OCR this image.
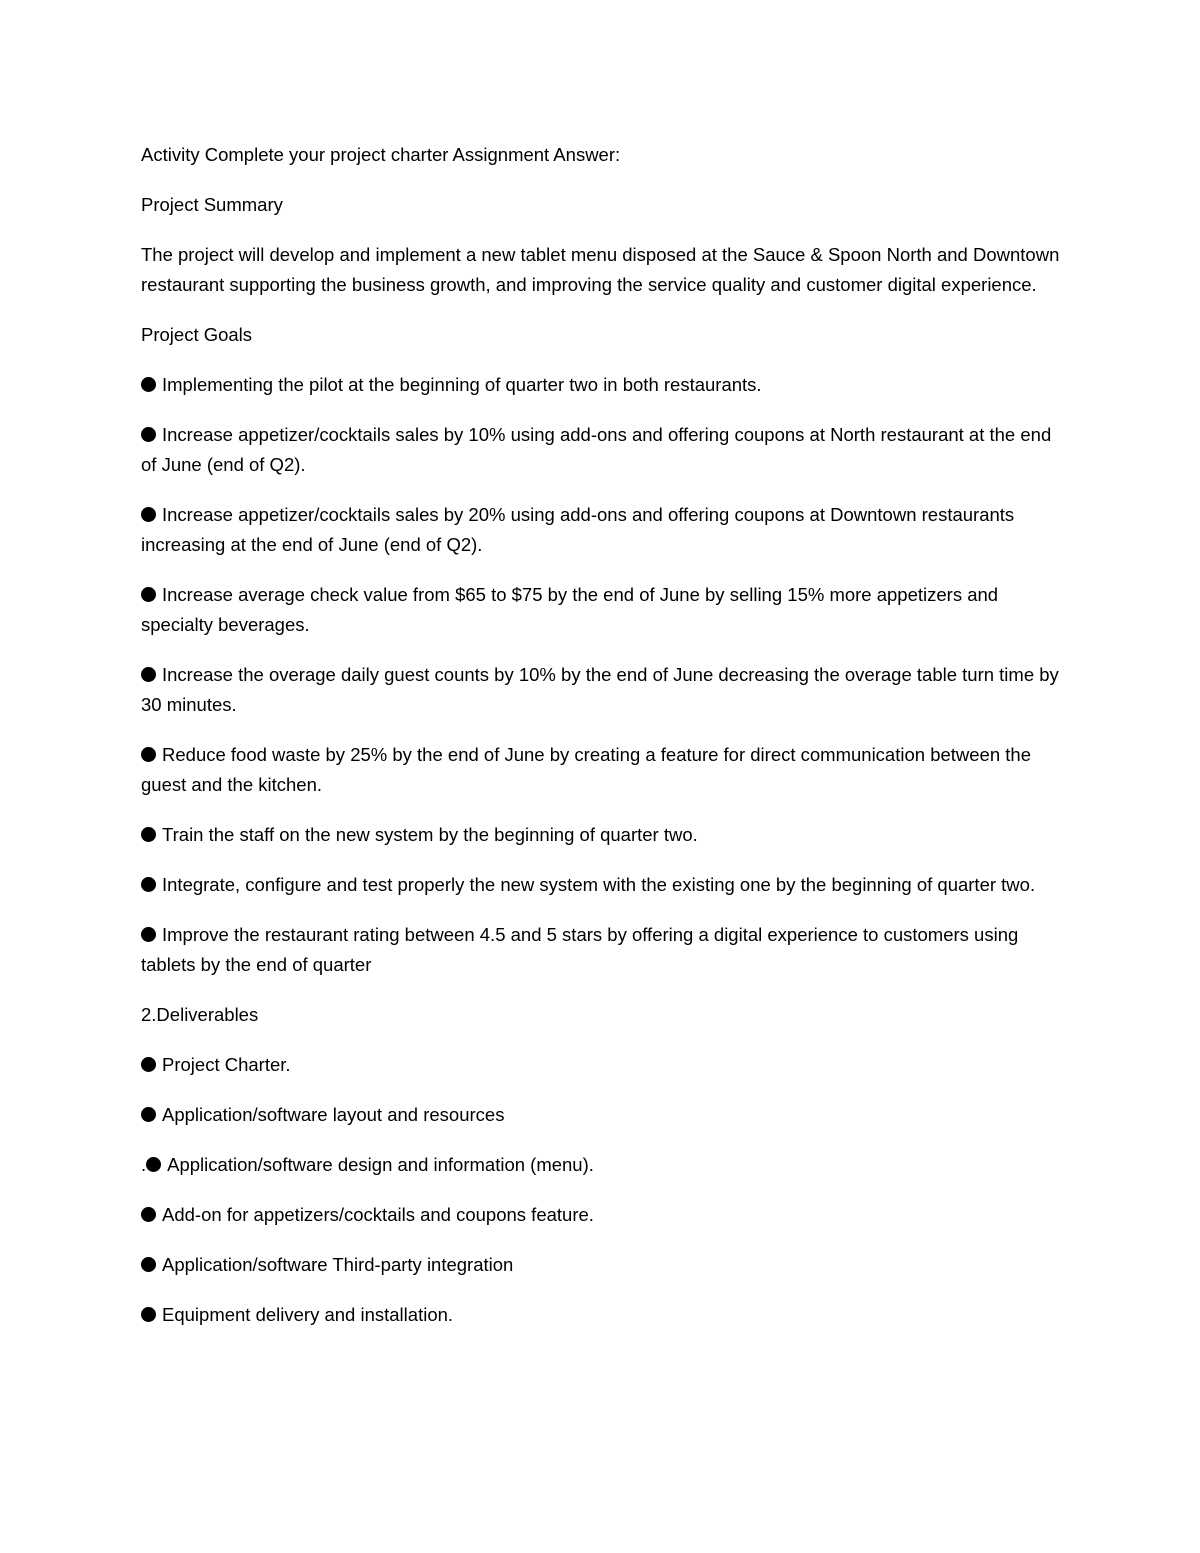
Activity Complete your project charter Assignment Answer:

Project Summary

The project will develop and implement a new tablet menu disposed at the Sauce & Spoon North and Downtown restaurant supporting the business growth, and improving the service quality and customer digital experience.

Project Goals

Implementing the pilot at the beginning of quarter two in both restaurants.

Increase appetizer/cocktails sales by 10% using add-ons and offering coupons at North restaurant at the end of June (end of Q2).

Increase appetizer/cocktails sales by 20% using add-ons and offering coupons at Downtown restaurants increasing at the end of June (end of Q2).

Increase average check value from $65 to $75 by the end of June by selling 15% more appetizers and specialty beverages.

Increase the overage daily guest counts by 10% by the end of June decreasing the overage table turn time by 30 minutes.

Reduce food waste by 25% by the end of June by creating a feature for direct communication between the guest and the kitchen.

Train the staff on the new system by the beginning of quarter two.

Integrate, configure and test properly the new system with the existing one by the beginning of quarter two.

Improve the restaurant rating between 4.5 and 5 stars by offering a digital experience to customers using tablets by the end of quarter

2.Deliverables

Project Charter.

Application/software layout and resources

. Application/software design and information (menu).

Add-on for appetizers/cocktails and coupons feature.

Application/software Third-party integration

Equipment delivery and installation.
